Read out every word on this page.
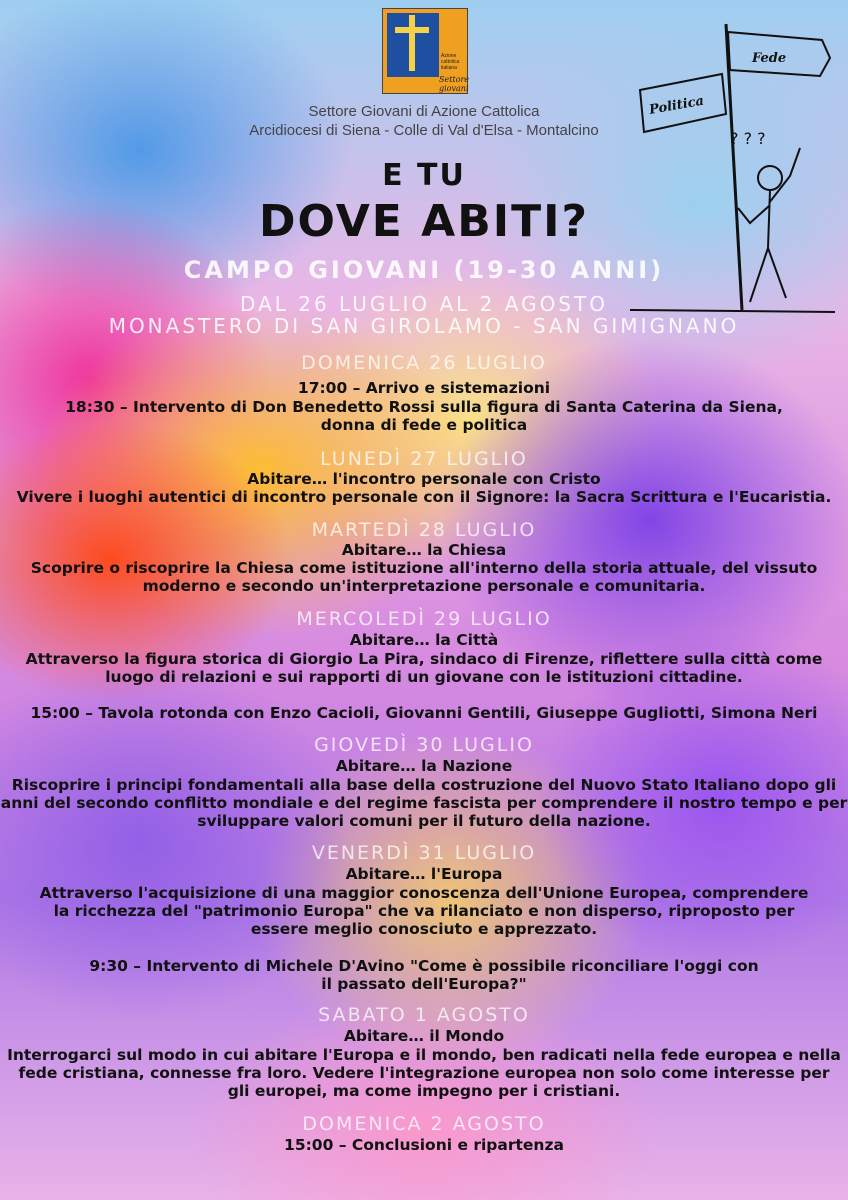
Azione cattolica italiana
Settore giovani
Settore Giovani di Azione Cattolica
Arcidiocesi di Siena - Colle di Val d'Elsa - Montalcino
Fede
Politica
? ? ?
E TU
DOVE ABITI?
CAMPO GIOVANI (19-30 ANNI)
DAL 26 LUGLIO AL 2 AGOSTO
MONASTERO DI SAN GIROLAMO - SAN GIMIGNANO
DOMENICA 26 LUGLIO
17:00 – Arrivo e sistemazioni
18:30 – Intervento di Don Benedetto Rossi sulla figura di Santa Caterina da Siena,
donna di fede e politica
LUNEDÌ 27 LUGLIO
Abitare… l'incontro personale con Cristo
Vivere i luoghi autentici di incontro personale con il Signore: la Sacra Scrittura e l'Eucaristia.
MARTEDÌ 28 LUGLIO
Abitare… la Chiesa
Scoprire o riscoprire la Chiesa come istituzione all'interno della storia attuale, del vissuto
moderno e secondo un'interpretazione personale e comunitaria.
MERCOLEDÌ 29 LUGLIO
Abitare… la Città
Attraverso la figura storica di Giorgio La Pira, sindaco di Firenze, riflettere sulla città come
luogo di relazioni e sui rapporti di un giovane con le istituzioni cittadine.
15:00 – Tavola rotonda con Enzo Cacioli, Giovanni Gentili, Giuseppe Gugliotti, Simona Neri
GIOVEDÌ 30 LUGLIO
Abitare… la Nazione
Riscoprire i principi fondamentali alla base della costruzione del Nuovo Stato Italiano dopo gli
anni del secondo conflitto mondiale e del regime fascista per comprendere il nostro tempo e per
sviluppare valori comuni per il futuro della nazione.
VENERDÌ 31 LUGLIO
Abitare… l'Europa
Attraverso l'acquisizione di una maggior conoscenza dell'Unione Europea, comprendere
la ricchezza del "patrimonio Europa" che va rilanciato e non disperso, riproposto per
essere meglio conosciuto e apprezzato.
9:30 – Intervento di Michele D'Avino "Come è possibile riconciliare l'oggi con
il passato dell'Europa?"
SABATO 1 AGOSTO
Abitare… il Mondo
Interrogarci sul modo in cui abitare l'Europa e il mondo, ben radicati nella fede europea e nella
fede cristiana, connesse fra loro. Vedere l'integrazione europea non solo come interesse per
gli europei, ma come impegno per i cristiani.
DOMENICA 2 AGOSTO
15:00 – Conclusioni e ripartenza
